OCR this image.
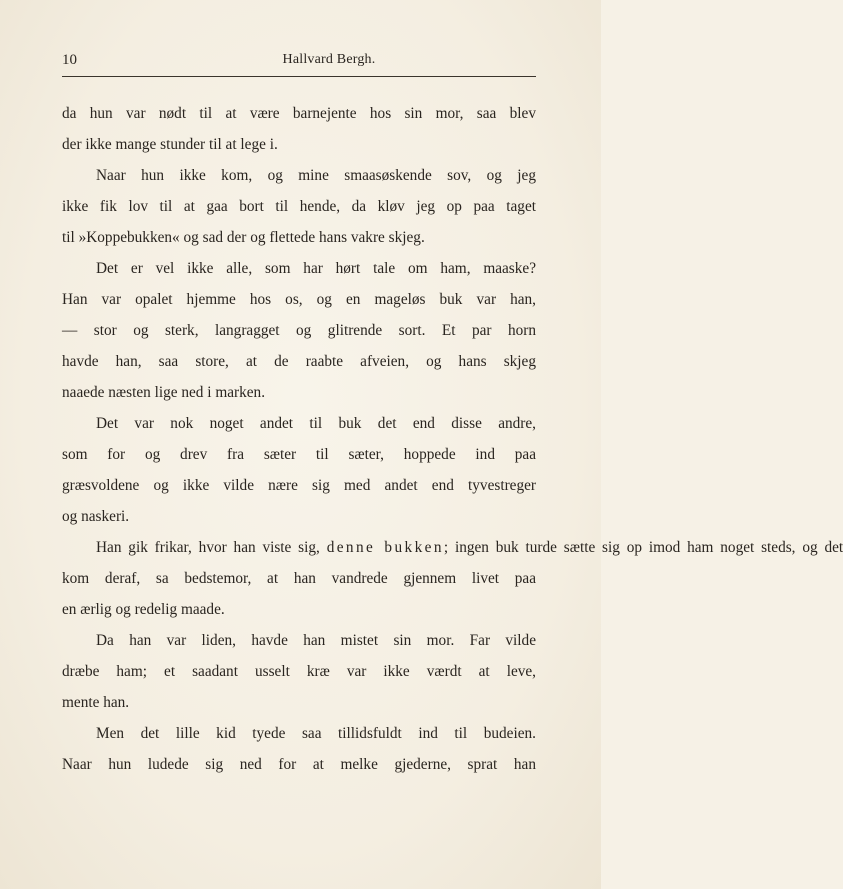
10	Hallvard Bergh.
da hun var nødt til at være barnejente hos sin mor, saa blev
der ikke mange stunder til at lege i.
Naar hun ikke kom, og mine smaasøskende sov, og jeg
ikke fik lov til at gaa bort til hende, da kløv jeg op paa taget
til »Koppebukken« og sad der og flettede hans vakre skjeg.
Det er vel ikke alle, som har hørt tale om ham, maaske?
Han var opalet hjemme hos os, og en mageløs buk var han,
— stor og sterk, langragget og glitrende sort. Et par horn
havde han, saa store, at de raabte afveien, og hans skjeg
naaede næsten lige ned i marken.
Det var nok noget andet til buk det end disse andre,
som for og drev fra sæter til sæter, hoppede ind paa
græsvoldene og ikke vilde nære sig med andet end tyvestreger
og naskeri.
Han gik frikar, hvor han viste sig, denne bukken; ingen buk turde sætte sig op imod ham noget steds, og det
kom deraf, sa bedstemor, at han vandrede gjennem livet paa
en ærlig og redelig maade.
Da han var liden, havde han mistet sin mor. Far vilde
dræbe ham; et saadant usselt kræ var ikke værdt at leve,
mente han.
Men det lille kid tyede saa tillidsfuldt ind til budeien.
Naar hun ludede sig ned for at melke gjederne, sprat han
